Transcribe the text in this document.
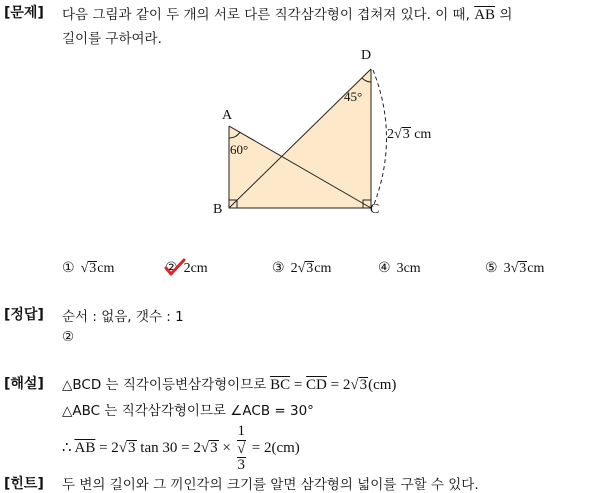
[문제] 다음 그림과 같이 두 개의 서로 다른 직각삼각형이 겹쳐져 있다. 이 때, $\overline{AB}$ 의
길이를 구하여라.
A
B	C
D
60°
45°
2√3 cm
① √3cm	② 2cm	③ 2√3cm	④ 3cm	⑤ 3√3cm
[정답] 순서 : 없음, 갯수 : 1
②
[해설] △BCD 는 직각이등변삼각형이므로 $\overline{BC} = \overline{CD} = 2√3(cm)$
△ABC 는 직각삼각형이므로 ∠ACB = 30°
∴ $\overline{AB} = 2√3$ tan 30 = 2√3 × 1
√
3 = 2(cm)
[힌트] 두 변의 길이와 그 끼인각의 크기를 알면 삼각형의 넓이를 구할 수 있다.
